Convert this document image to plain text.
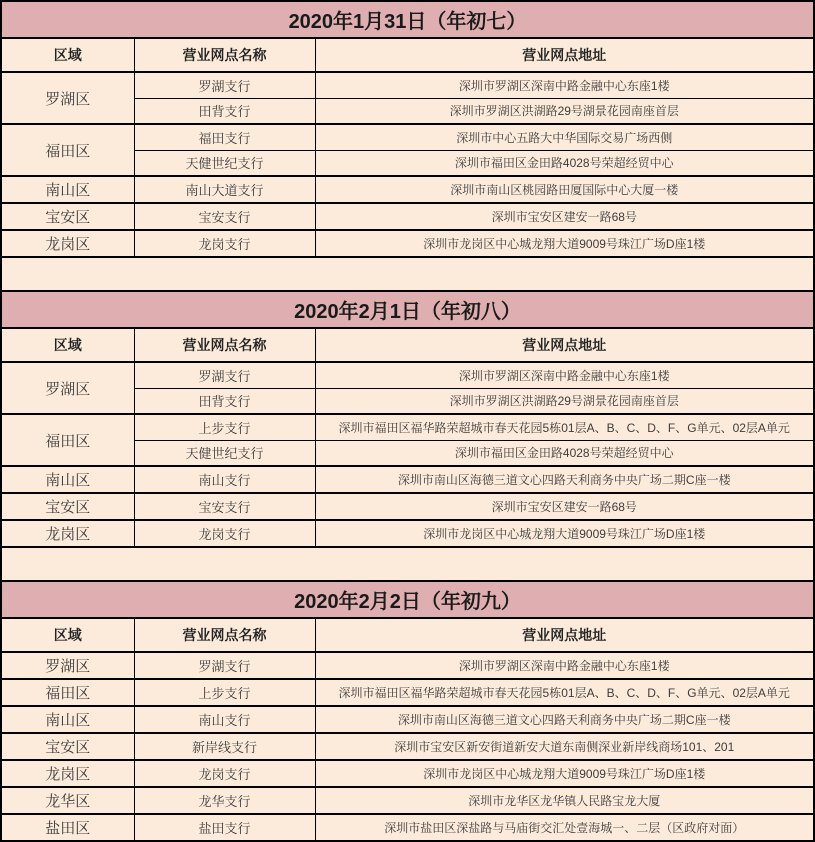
2020年1月31日（年初七）		
区域	营业网点名称	营业网点地址
罗湖区	罗湖支行	深圳市罗湖区深南中路金融中心东座1楼
	田背支行	深圳市罗湖区洪湖路29号湖景花园南座首层
福田区	福田支行	深圳市中心五路大中华国际交易广场西侧
	天健世纪支行	深圳市福田区金田路4028号荣超经贸中心
南山区	南山大道支行	深圳市南山区桃园路田厦国际中心大厦一楼
宝安区	宝安支行	深圳市宝安区建安一路68号
龙岗区	龙岗支行	深圳市龙岗区中心城龙翔大道9009号珠江广场D座1楼

2020年2月1日（年初八）		
区域	营业网点名称	营业网点地址
罗湖区	罗湖支行	深圳市罗湖区深南中路金融中心东座1楼
	田背支行	深圳市罗湖区洪湖路29号湖景花园南座首层
福田区	上步支行	深圳市福田区福华路荣超城市春天花园5栋01层A、B、C、D、F、G单元、02层A单元
	天健世纪支行	深圳市福田区金田路4028号荣超经贸中心
南山区	南山支行	深圳市南山区海德三道文心四路天利商务中央广场二期C座一楼
宝安区	宝安支行	深圳市宝安区建安一路68号
龙岗区	龙岗支行	深圳市龙岗区中心城龙翔大道9009号珠江广场D座1楼

2020年2月2日（年初九）		
区域	营业网点名称	营业网点地址
罗湖区	罗湖支行	深圳市罗湖区深南中路金融中心东座1楼
福田区	上步支行	深圳市福田区福华路荣超城市春天花园5栋01层A、B、C、D、F、G单元、02层A单元
南山区	南山支行	深圳市南山区海德三道文心四路天利商务中央广场二期C座一楼
宝安区	新岸线支行	深圳市宝安区新安街道新安大道东南侧深业新岸线商场101、201
龙岗区	龙岗支行	深圳市龙岗区中心城龙翔大道9009号珠江广场D座1楼
龙华区	龙华支行	深圳市龙华区龙华镇人民路宝龙大厦
盐田区	盐田支行	深圳市盐田区深盐路与马庙街交汇处壹海城一、二层（区政府对面）
